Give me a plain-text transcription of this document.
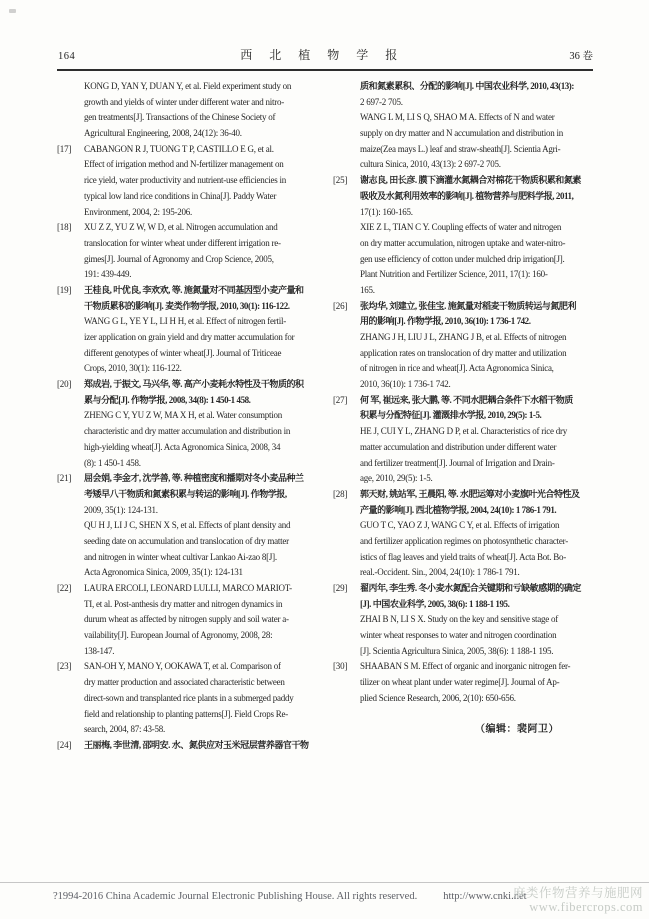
164	西 北 植 物 学 报	36 卷
KONG D, YAN Y, DUAN Y, et al. Field experiment study on
growth and yields of winter under different water and nitro-
gen treatments[J]. Transactions of the Chinese Society of
Agricultural Engineering, 2008, 24(12): 36-40.
[17]	CABANGON R J, TUONG T P, CASTILLO E G, et al.
Effect of irrigation method and N-fertilizer management on
rice yield, water productivity and nutrient-use efficiencies in
typical low land rice conditions in China[J]. Paddy Water
Environment, 2004, 2: 195-206.
[18]	XU Z Z, YU Z W, W D, et al. Nitrogen accumulation and
translocation for winter wheat under different irrigation re-
gimes[J]. Journal of Agronomy and Crop Science, 2005,
191: 439-449.
[19]	王桂良, 叶优良, 李欢欢, 等. 施氮量对不同基因型小麦产量和
干物质累积的影响[J]. 麦类作物学报, 2010, 30(1): 116-122.
WANG G L, YE Y L, LI H H, et al. Effect of nitrogen fertil-
izer application on grain yield and dry matter accumulation for
different genotypes of winter wheat[J]. Journal of Triticeae
Crops, 2010, 30(1): 116-122.
[20]	郑成岩, 于振文, 马兴华, 等. 高产小麦耗水特性及干物质的积
累与分配[J]. 作物学报, 2008, 34(8): 1 450-1 458.
ZHENG C Y, YU Z W, MA X H, et al. Water consumption
characteristic and dry matter accumulation and distribution in
high-yielding wheat[J]. Acta Agronomica Sinica, 2008, 34
(8): 1 450-1 458.
[21]	屈会娟, 李金才, 沈学善, 等. 种植密度和播期对冬小麦品种兰
考矮早八干物质和氮素积累与转运的影响[J]. 作物学报,
2009, 35(1): 124-131.
QU H J, LI J C, SHEN X S, et al. Effects of plant density and
seeding date on accumulation and translocation of dry matter
and nitrogen in winter wheat cultivar Lankao Ai-zao 8[J].
Acta Agronomica Sinica, 2009, 35(1): 124-131
[22]	LAURA ERCOLI, LEONARD LULLI, MARCO MARIOT-
TI, et al. Post-anthesis dry matter and nitrogen dynamics in
durum wheat as affected by nitrogen supply and soil water a-
vailability[J]. European Journal of Agronomy, 2008, 28:
138-147.
[23]	SAN-OH Y, MANO Y, OOKAWA T, et al. Comparison of
dry matter production and associated characteristic between
direct-sown and transplanted rice plants in a submerged paddy
field and relationship to planting patterns[J]. Field Crops Re-
search, 2004, 87: 43-58.
[24]	王丽梅, 李世清, 邵明安. 水、氮供应对玉米冠层营养器官干物
质和氮素累积、分配的影响[J]. 中国农业科学, 2010, 43(13):
2 697-2 705.
WANG L M, LI S Q, SHAO M A. Effects of N and water
supply on dry matter and N accumulation and distribution in
maize(Zea mays L.) leaf and straw-sheath[J]. Scientia Agri-
cultura Sinica, 2010, 43(13): 2 697-2 705.
[25]	谢志良, 田长彦. 膜下滴灌水氮耦合对棉花干物质积累和氮素
吸收及水氮利用效率的影响[J]. 植物营养与肥料学报, 2011,
17(1): 160-165.
XIE Z L, TIAN C Y. Coupling effects of water and nitrogen
on dry matter accumulation, nitrogen uptake and water-nitro-
gen use efficiency of cotton under mulched drip irrigation[J].
Plant Nutrition and Fertilizer Science, 2011, 17(1): 160-
165.
[26]	张均华, 刘建立, 张佳宝. 施氮量对稻麦干物质转运与氮肥利
用的影响[J]. 作物学报, 2010, 36(10): 1 736-1 742.
ZHANG J H, LIU J L, ZHANG J B, et al. Effects of nitrogen
application rates on translocation of dry matter and utilization
of nitrogen in rice and wheat[J]. Acta Agronomica Sinica,
2010, 36(10): 1 736-1 742.
[27]	何 军, 崔远来, 张大鹏, 等. 不同水肥耦合条件下水稻干物质
积累与分配特征[J]. 灌溉排水学报, 2010, 29(5): 1-5.
HE J, CUI Y L, ZHANG D P, et al. Characteristics of rice dry
matter accumulation and distribution under different water
and fertilizer treatment[J]. Journal of Irrigation and Drain-
age, 2010, 29(5): 1-5.
[28]	郭天财, 姚站军, 王晨阳, 等. 水肥运筹对小麦旗叶光合特性及
产量的影响[J]. 西北植物学报, 2004, 24(10): 1 786-1 791.
GUO T C, YAO Z J, WANG C Y, et al. Effects of irrigation
and fertilizer application regimes on photosynthetic character-
istics of flag leaves and yield traits of wheat[J]. Acta Bot. Bo-
real.-Occident. Sin., 2004, 24(10): 1 786-1 791.
[29]	翟丙年, 李生秀. 冬小麦水氮配合关键期和亏缺敏感期的确定
[J]. 中国农业科学, 2005, 38(6): 1 188-1 195.
ZHAI B N, LI S X. Study on the key and sensitive stage of
winter wheat responses to water and nitrogen coordination
[J]. Scientia Agricultura Sinica, 2005, 38(6): 1 188-1 195.
[30]	SHAABAN S M. Effect of organic and inorganic nitrogen fer-
tilizer on wheat plant under water regime[J]. Journal of Ap-
plied Science Research, 2006, 2(10): 650-656.
（编辑：裴阿卫）
?1994-2016 China Academic Journal Electronic Publishing House. All rights reserved. http://www.cnki.net
麻类作物营养与施肥网
www.fibercrops.com
